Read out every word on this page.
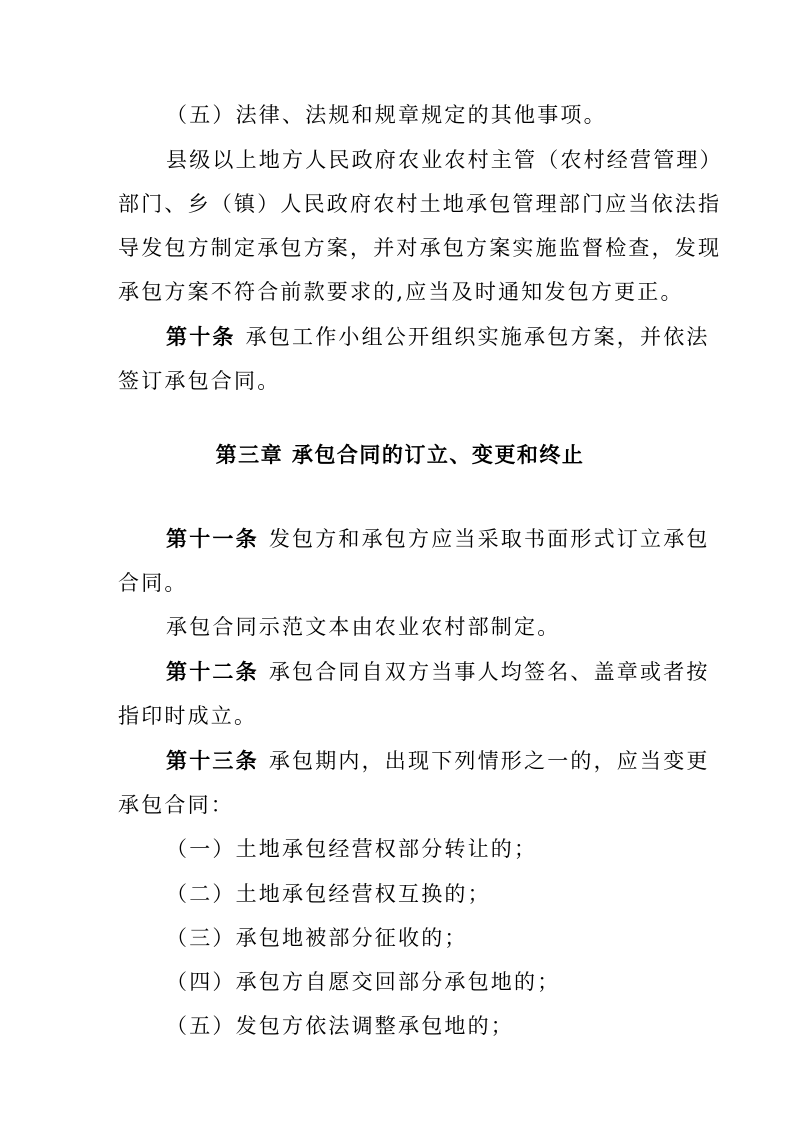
（五）法律、法规和规章规定的其他事项。
县级以上地方人民政府农业农村主管（农村经营管理）
部门、乡（镇）人民政府农村土地承包管理部门应当依法指
导发包方制定承包方案，并对承包方案实施监督检查，发现
承包方案不符合前款要求的,应当及时通知发包方更正。
第十条 承包工作小组公开组织实施承包方案，并依法
签订承包合同。
第三章 承包合同的订立、变更和终止
第十一条 发包方和承包方应当采取书面形式订立承包
合同。
承包合同示范文本由农业农村部制定。
第十二条 承包合同自双方当事人均签名、盖章或者按
指印时成立。
第十三条 承包期内，出现下列情形之一的，应当变更
承包合同：
（一）土地承包经营权部分转让的；
（二）土地承包经营权互换的；
（三）承包地被部分征收的；
（四）承包方自愿交回部分承包地的；
（五）发包方依法调整承包地的；
